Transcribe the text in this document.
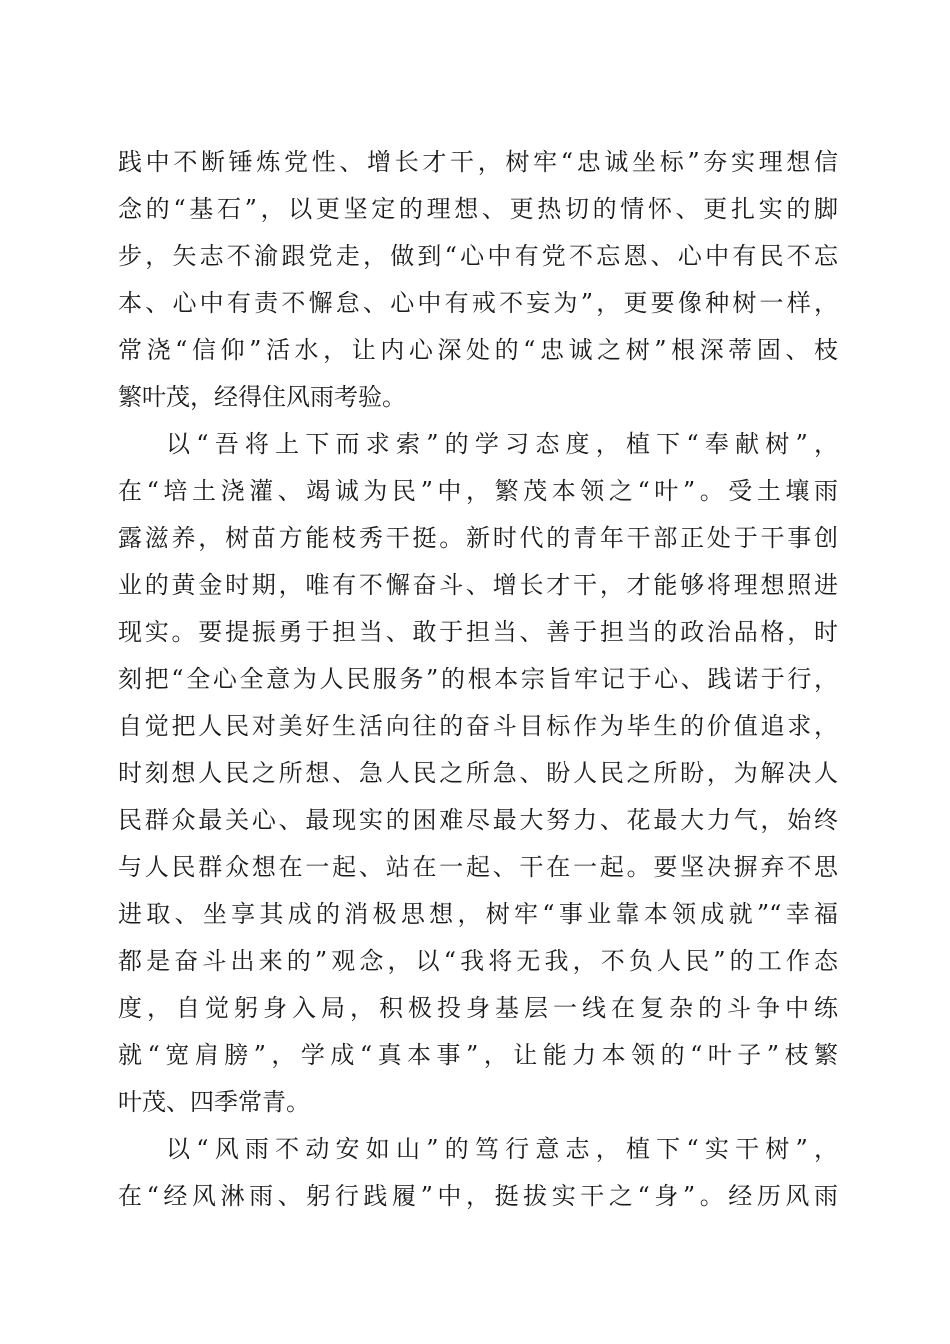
践中不断锤炼党性、增长才干，树牢“忠诚坐标”夯实理想信
念的“基石”，以更坚定的理想、更热切的情怀、更扎实的脚
步，矢志不渝跟党走，做到“心中有党不忘恩、心中有民不忘
本、心中有责不懈怠、心中有戒不妄为”，更要像种树一样，
常浇“信仰”活水，让内心深处的“忠诚之树”根深蒂固、枝
繁叶茂，经得住风雨考验。
以“吾将上下而求索”的学习态度，植下“奉献树”，
在“培土浇灌、竭诚为民”中，繁茂本领之“叶”。受土壤雨
露滋养，树苗方能枝秀干挺。新时代的青年干部正处于干事创
业的黄金时期，唯有不懈奋斗、增长才干，才能够将理想照进
现实。要提振勇于担当、敢于担当、善于担当的政治品格，时
刻把“全心全意为人民服务”的根本宗旨牢记于心、践诺于行，
自觉把人民对美好生活向往的奋斗目标作为毕生的价值追求，
时刻想人民之所想、急人民之所急、盼人民之所盼，为解决人
民群众最关心、最现实的困难尽最大努力、花最大力气，始终
与人民群众想在一起、站在一起、干在一起。要坚决摒弃不思
进取、坐享其成的消极思想，树牢“事业靠本领成就”“幸福
都是奋斗出来的”观念，以“我将无我，不负人民”的工作态
度，自觉躬身入局，积极投身基层一线在复杂的斗争中练
就“宽肩膀”，学成“真本事”，让能力本领的“叶子”枝繁
叶茂、四季常青。
以“风雨不动安如山”的笃行意志，植下“实干树”，
在“经风淋雨、躬行践履”中，挺拔实干之“身”。经历风雨
